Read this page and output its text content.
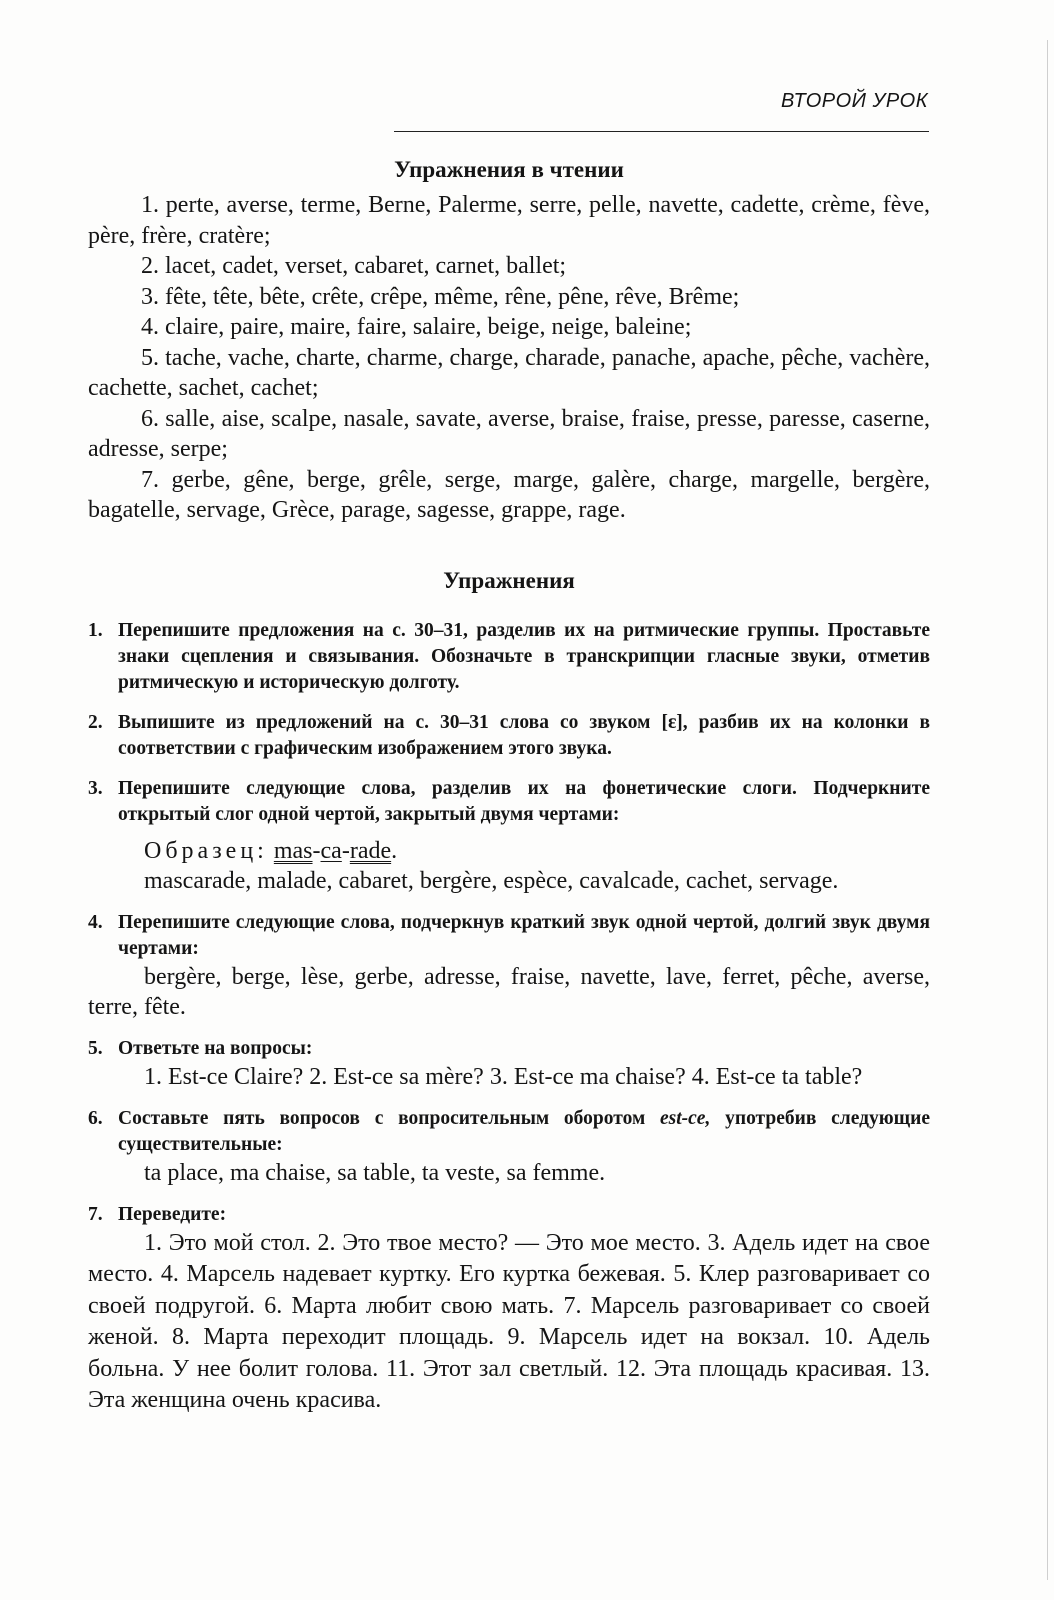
ВТОРОЙ УРОК
Упражнения в чтении

1. perte, averse, terme, Berne, Palerme, serre, pelle, navette, cadette, crème, fève, père, frère, cratère;

2. lacet, cadet, verset, cabaret, carnet, ballet;

3. fête, tête, bête, crête, crêpe, même, rêne, pêne, rêve, Brême;

4. claire, paire, maire, faire, salaire, beige, neige, baleine;

5. tache, vache, charte, charme, charge, charade, panache, apache, pêche, vachère, cachette, sachet, cachet;

6. salle, aise, scalpe, nasale, savate, averse, braise, fraise, presse, paresse, caserne, adresse, serpe;

7. gerbe, gêne, berge, grêle, serge, marge, galère, charge, margelle, bergère, bagatelle, servage, Grèce, parage, sagesse, grappe, rage.

Упражнения

1. Перепишите предложения на с. 30–31, разделив их на ритмические группы. Проставьте знаки сцепления и связывания. Обозначьте в транскрипции гласные звуки, отметив ритмическую и историческую долготу.

2. Выпишите из предложений на с. 30–31 слова со звуком [ɛ], разбив их на колонки в соответствии с графическим изображением этого звука.

3. Перепишите следующие слова, разделив их на фонетические слоги. Подчеркните открытый слог одной чертой, закрытый двумя чертами:

Образец: mas-ca-rade.

mascarade, malade, cabaret, bergère, espèce, cavalcade, cachet, servage.

4. Перепишите следующие слова, подчеркнув краткий звук одной чертой, долгий звук двумя чертами:

bergère, berge, lèse, gerbe, adresse, fraise, navette, lave, ferret, pêche, averse, terre, fête.

5. Ответьте на вопросы:

1. Est-ce Claire? 2. Est-ce sa mère? 3. Est-ce ma chaise? 4. Est-ce ta table?

6. Составьте пять вопросов с вопросительным оборотом est-ce, употребив следующие существительные:

ta place, ma chaise, sa table, ta veste, sa femme.

7. Переведите:

1. Это мой стол. 2. Это твое место? — Это мое место. 3. Адель идет на свое место. 4. Марсель надевает куртку. Его куртка бежевая. 5. Клер разговаривает со своей подругой. 6. Марта любит свою мать. 7. Марсель разговаривает со своей женой. 8. Марта переходит площадь. 9. Марсель идет на вокзал. 10. Адель больна. У нее болит голова. 11. Этот зал светлый. 12. Эта площадь красивая. 13. Эта женщина очень красива.
